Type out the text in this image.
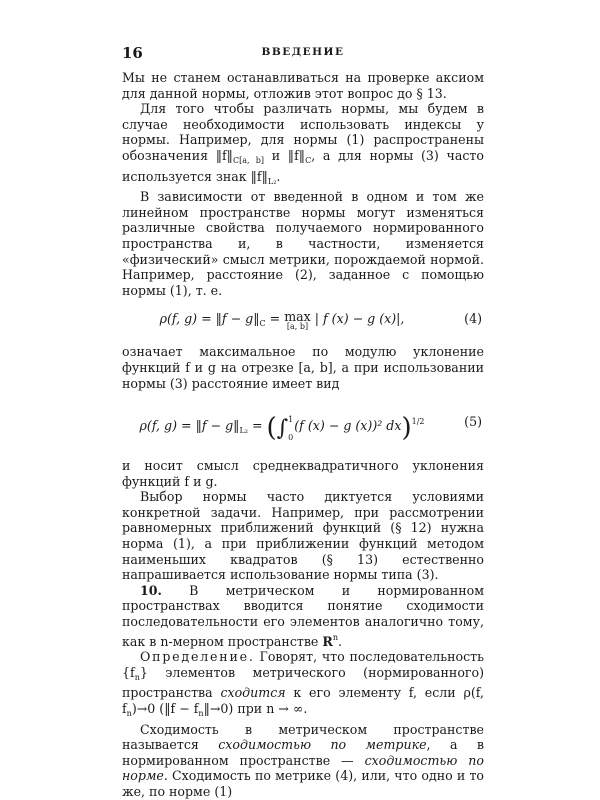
16	ВВЕДЕНИЕ

Мы не станем останавливаться на проверке аксиом для данной нормы, отложив этот вопрос до § 13.

Для того чтобы различать нормы, мы будем в случае необходимости использовать индексы у нормы. Например, для нормы (1) распространены обозначения $‖f‖_{C[a, b]}$ и $‖f‖_C$, а для нормы (3) часто используется знак $‖f‖_{L_2}$.

В зависимости от введенной в одном и том же линейном пространстве нормы могут изменяться различные свойства получаемого нормированного пространства и, в частности, изменяется «физический» смысл метрики, порождаемой нормой. Например, расстояние (2), заданное с помощью нормы (1), т. е.

ρ(f, g) = ‖f − $g‖_C = \max$
[a, b]
| f (x) − g (x)|,	(4)

означает максимальное по модулю уклонение функций f и g на отрезке [a, b], а при использовании нормы (3) расстояние имеет вид

ρ(f, g) = ‖f − $g‖_{L_2} = (\int 1$

0(f (x) − g (x))² dx)$^{1/2}$	(5)

и носит смысл среднеквадратичного уклонения функций f и g.

Выбор нормы часто диктуется условиями конкретной задачи. Например, при рассмотрении равномерных приближений функций (§ 12) нужна норма (1), а при приближении функций методом наименьших квадратов (§ 13) естественно напрашивается использование нормы типа (3).

10. В метрическом и нормированном пространствах вводится понятие сходимости последовательности его элементов аналогично тому, как в n-мерном пространстве $R^n$.

Определение. Говорят, что последовательность $\{f_n\}$ элементов метрического (нормированного) пространства сходится к его элементу f, если ρ(f, $f_n)\to 0$ (‖f − $f_n‖\to 0$) при n → ∞.

Сходимость в метрическом пространстве называется сходимостью по метрике, а в нормированном пространстве — сходимостью по норме. Сходимость по метрике (4), или, что одно и то же, по норме (1)
